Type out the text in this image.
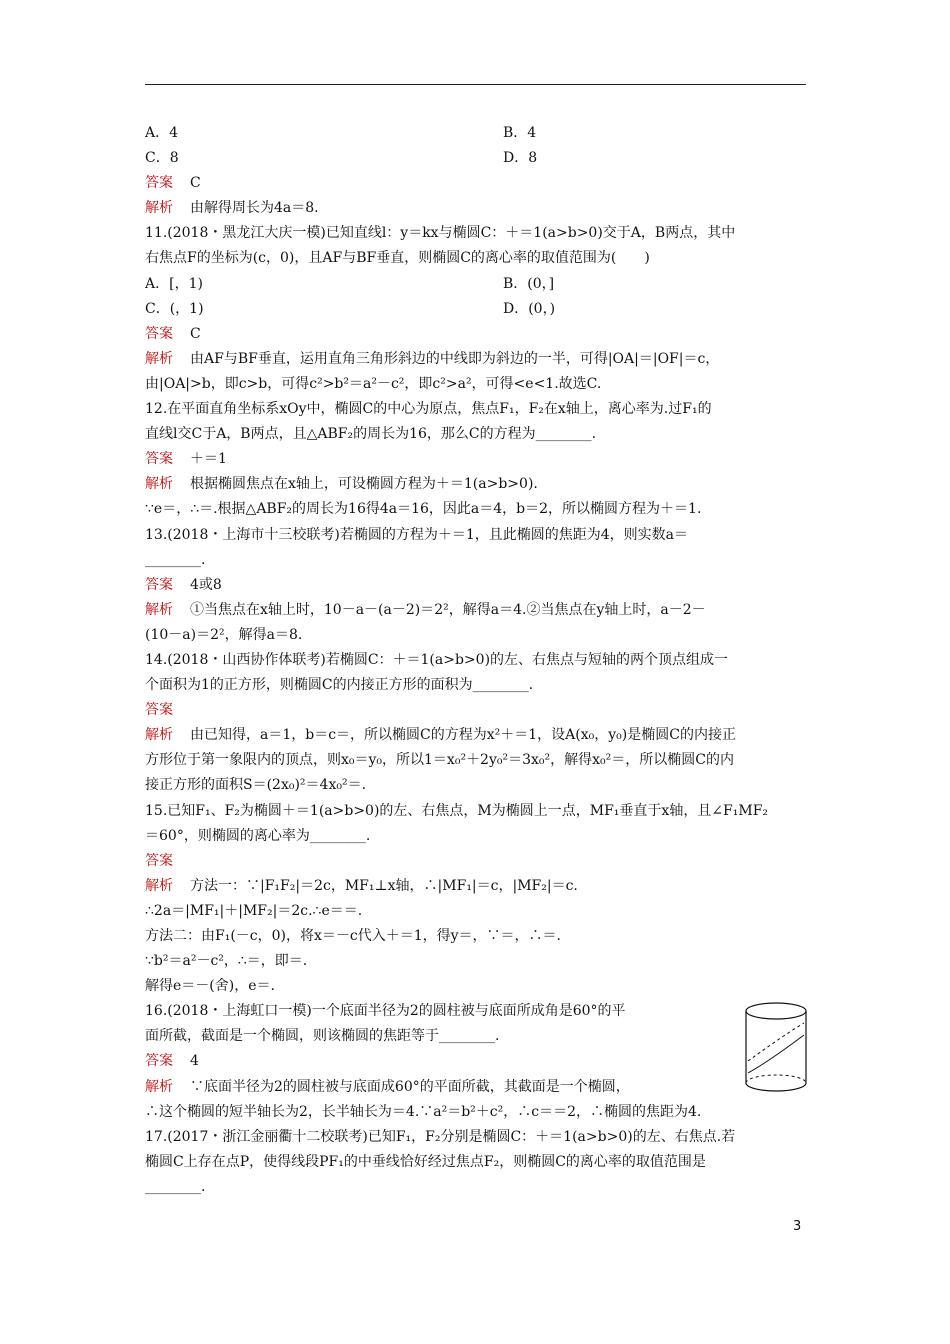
A．4	B．4
C．8	D．8
答案 C
解析 由解得周长为4a＝8.
11.(2018・黑龙江大庆一模)已知直线l：y＝kx与椭圆C：＋＝1(a>b>0)交于A，B两点，其中
右焦点F的坐标为(c，0)，且AF与BF垂直，则椭圆C的离心率的取值范围为(　　)
A．[，1)	B．(0，]
C．(，1)	D．(0，)
答案 C
解析 由AF与BF垂直，运用直角三角形斜边的中线即为斜边的一半，可得|OA|＝|OF|＝c，
由|OA|>b，即c>b，可得c²>b²＝a²－c²，即c²>a²，可得<e<1.故选C.
12.在平面直角坐标系xOy中，椭圆C的中心为原点，焦点F₁，F₂在x轴上，离心率为.过F₁的
直线l交C于A，B两点，且△ABF₂的周长为16，那么C的方程为________.
答案 ＋＝1
解析 根据椭圆焦点在x轴上，可设椭圆方程为＋＝1(a>b>0).
∵e＝，∴＝.根据△ABF₂的周长为16得4a＝16，因此a＝4，b＝2，所以椭圆方程为＋＝1.
13.(2018・上海市十三校联考)若椭圆的方程为＋＝1，且此椭圆的焦距为4，则实数a＝
________.
答案 4或8
解析 ①当焦点在x轴上时，10－a－(a－2)＝2²，解得a＝4.②当焦点在y轴上时，a－2－
(10－a)＝2²，解得a＝8.
14.(2018・山西协作体联考)若椭圆C：＋＝1(a>b>0)的左、右焦点与短轴的两个顶点组成一
个面积为1的正方形，则椭圆C的内接正方形的面积为________.
答案
解析 由已知得，a＝1，b＝c＝，所以椭圆C的方程为x²＋＝1，设A(x₀，y₀)是椭圆C的内接正
方形位于第一象限内的顶点，则x₀＝y₀，所以1＝x₀²＋2y₀²＝3x₀²，解得x₀²＝，所以椭圆C的内
接正方形的面积S＝(2x₀)²＝4x₀²＝.
15.已知F₁、F₂为椭圆＋＝1(a>b>0)的左、右焦点，M为椭圆上一点，MF₁垂直于x轴，且∠F₁MF₂
＝60°，则椭圆的离心率为________.
答案
解析 方法一：∵|F₁F₂|＝2c，MF₁⊥x轴，∴|MF₁|＝c，|MF₂|＝c.
∴2a＝|MF₁|＋|MF₂|＝2c.∴e＝＝.
方法二：由F₁(－c，0)，将x＝－c代入＋＝1，得y＝，∵＝，∴＝.
∵b²＝a²－c²，∴＝，即＝.
解得e＝－(舍)，e＝.
16.(2018・上海虹口一模)一个底面半径为2的圆柱被与底面所成角是60°的平
面所截，截面是一个椭圆，则该椭圆的焦距等于________.
答案 4
解析 ∵底面半径为2的圆柱被与底面成60°的平面所截，其截面是一个椭圆，
∴这个椭圆的短半轴长为2，长半轴长为＝4.∵a²＝b²＋c²，∴c＝＝2，∴椭圆的焦距为4.
17.(2017・浙江金丽衢十二校联考)已知F₁，F₂分别是椭圆C：＋＝1(a>b>0)的左、右焦点.若
椭圆C上存在点P，使得线段PF₁的中垂线恰好经过焦点F₂，则椭圆C的离心率的取值范围是
________.
3
